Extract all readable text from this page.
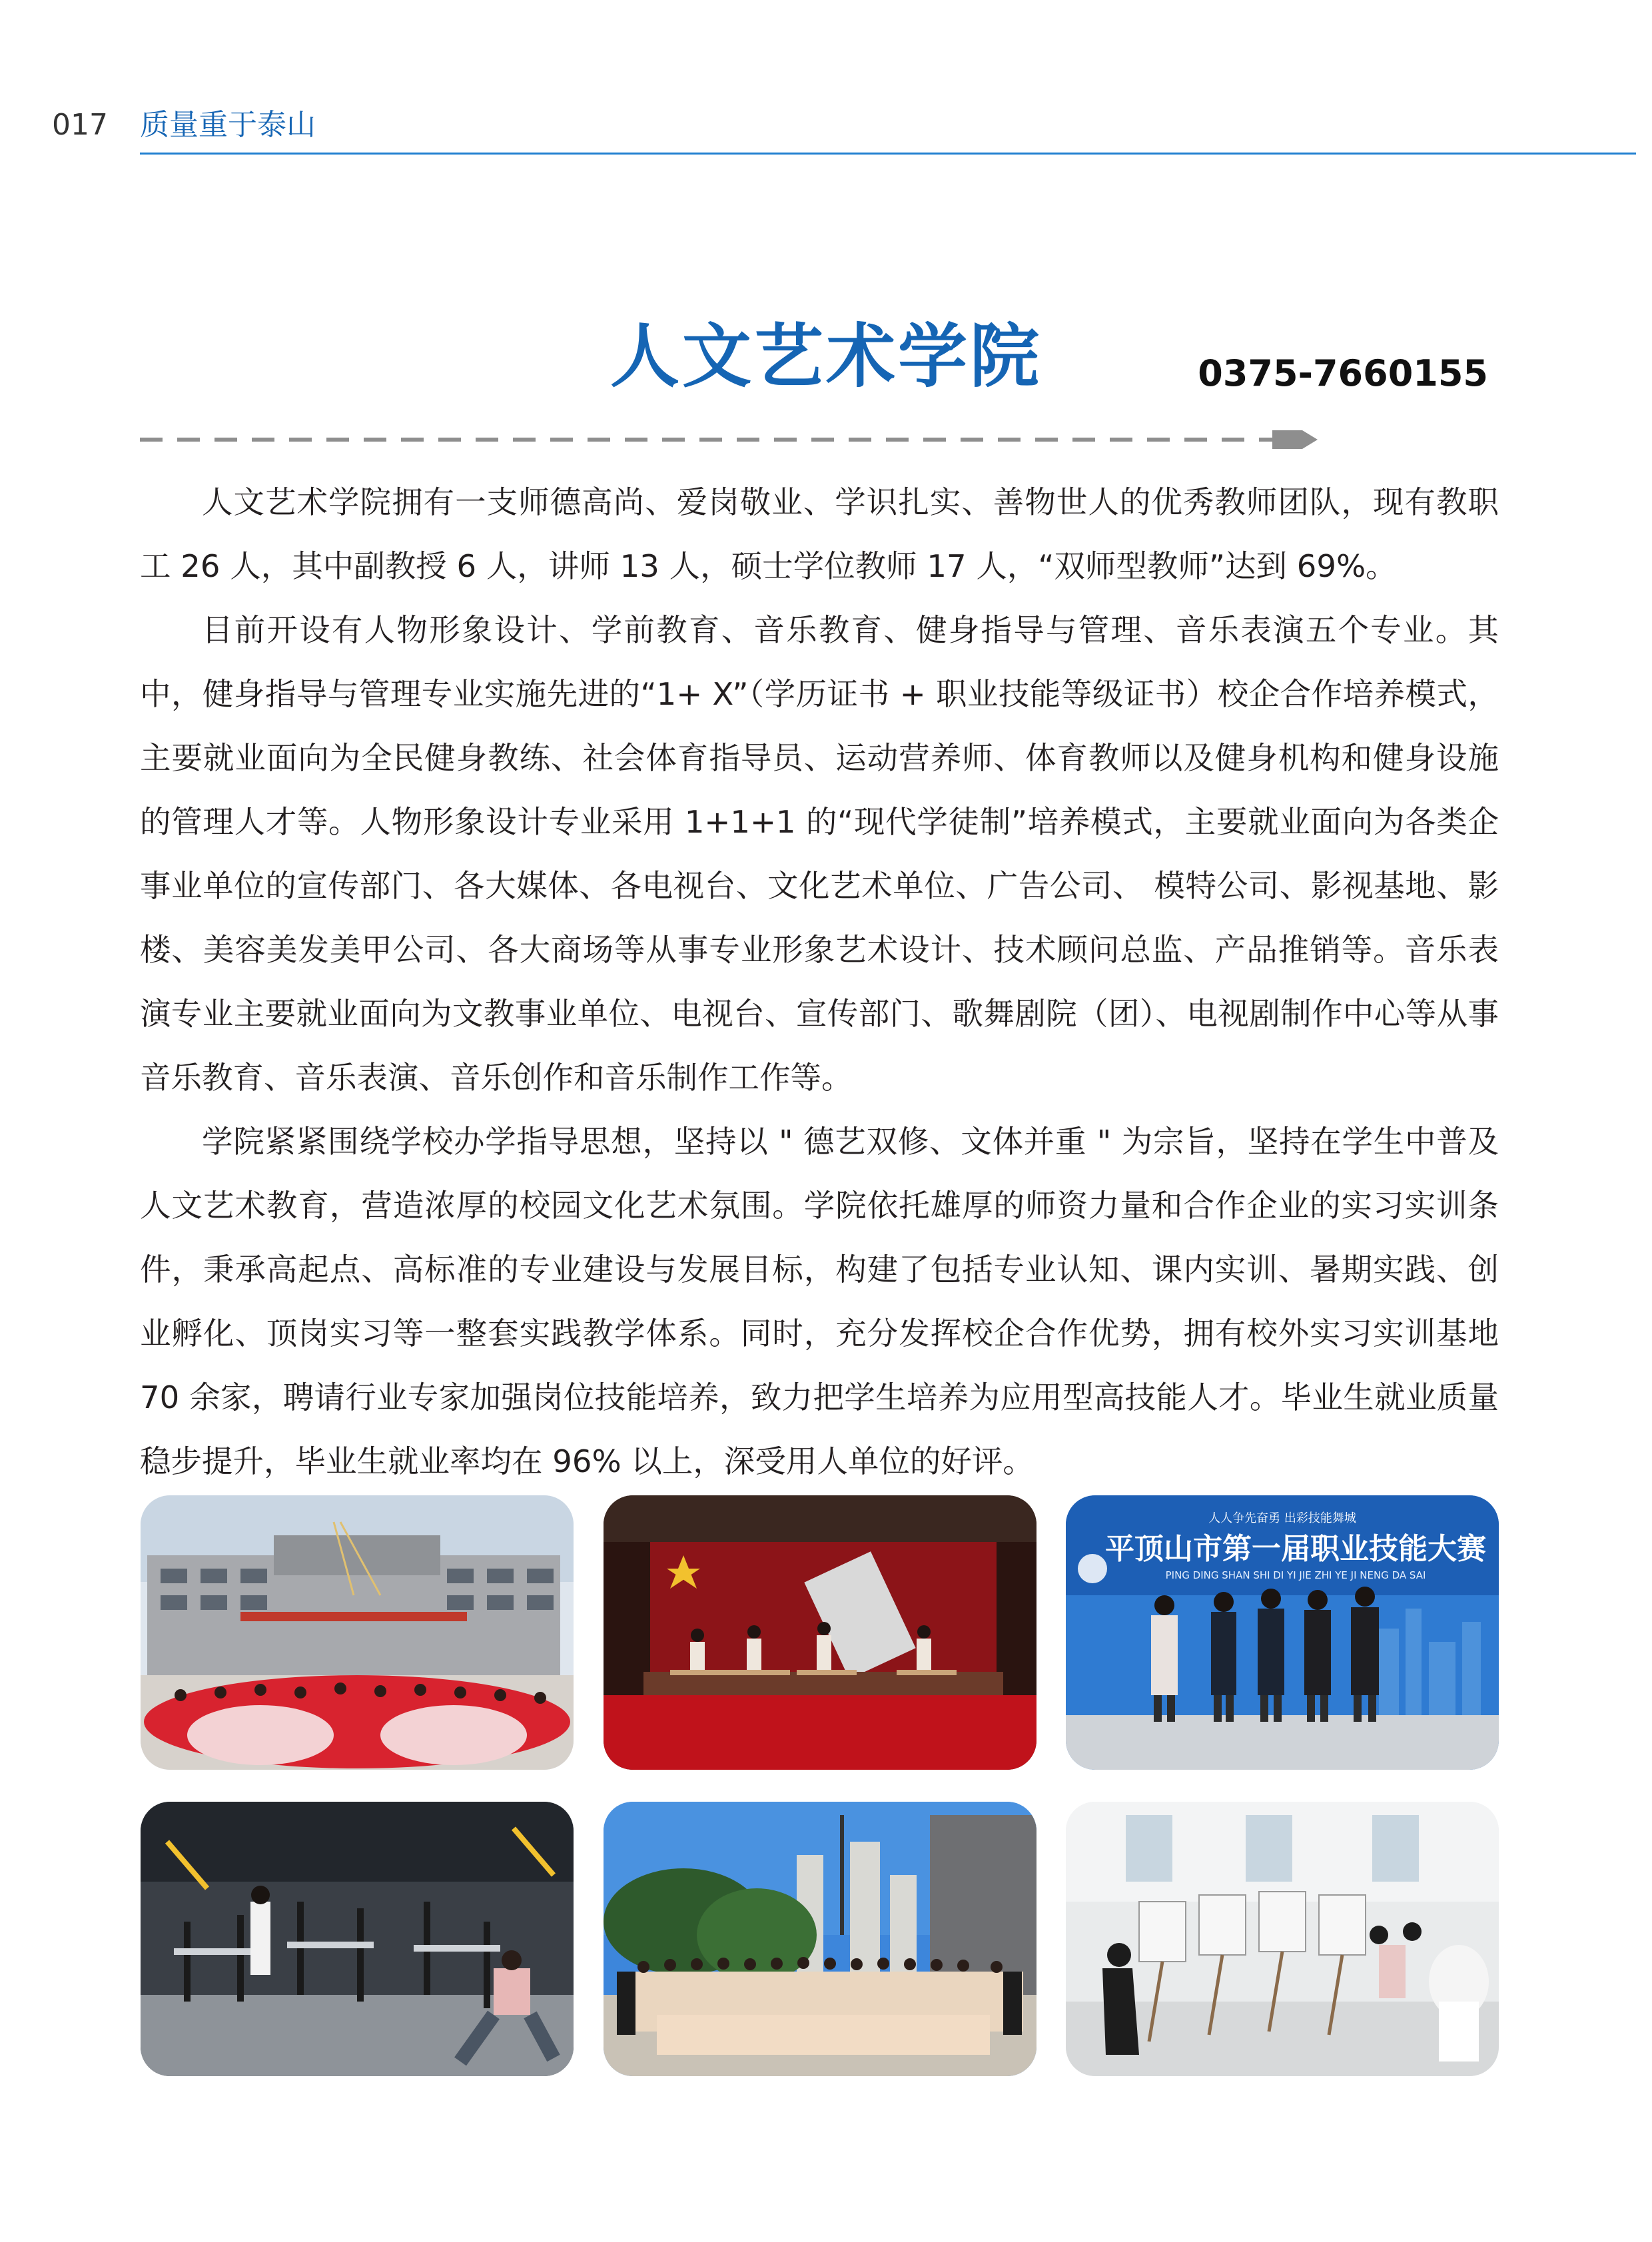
017 质量重于泰山
人文艺术学院	0375-7660155

人文艺术学院拥有一支师德高尚、爱岗敬业、学识扎实、善物世人的优秀教师团队，现有教职工 26 人，其中副教授 6 人，讲师 13 人，硕士学位教师 17 人，“双师型教师”达到 69%。

目前开设有人物形象设计、学前教育、音乐教育、健身指导与管理、音乐表演五个专业。其中，健身指导与管理专业实施先进的“1+ X”（学历证书 + 职业技能等级证书）校企合作培养模式，主要就业面向为全民健身教练、社会体育指导员、运动营养师、体育教师以及健身机构和健身设施的管理人才等。人物形象设计专业采用 1+1+1 的“现代学徒制”培养模式，主要就业面向为各类企事业单位的宣传部门、各大媒体、各电视台、文化艺术单位、广告公司、 模特公司、影视基地、影楼、美容美发美甲公司、各大商场等从事专业形象艺术设计、技术顾问总监、产品推销等。音乐表演专业主要就业面向为文教事业单位、电视台、宣传部门、歌舞剧院（团）、电视剧制作中心等从事音乐教育、音乐表演、音乐创作和音乐制作工作等。

学院紧紧围绕学校办学指导思想，坚持以 " 德艺双修、文体并重 " 为宗旨，坚持在学生中普及人文艺术教育，营造浓厚的校园文化艺术氛围。学院依托雄厚的师资力量和合作企业的实习实训条件，秉承高起点、高标准的专业建设与发展目标，构建了包括专业认知、课内实训、暑期实践、创业孵化、顶岗实习等一整套实践教学体系。同时，充分发挥校企合作优势，拥有校外实习实训基地 70 余家，聘请行业专家加强岗位技能培养，致力把学生培养为应用型高技能人才。毕业生就业质量稳步提升，毕业生就业率均在 96% 以上，深受用人单位的好评。

人人争先奋勇 出彩技能舞城
平顶山市第一届职业技能大赛
PING DING SHAN SHI DI YI JIE ZHI YE JI NENG DA SAI
